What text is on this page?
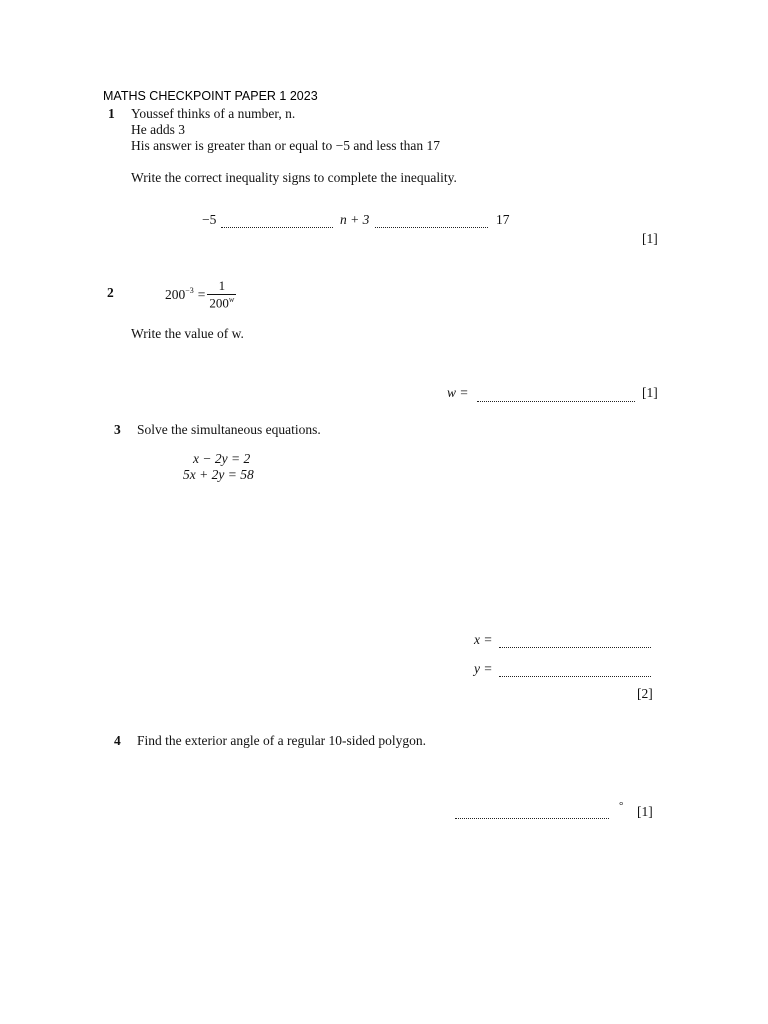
MATHS CHECKPOINT PAPER 1 2023
1 Youssef thinks of a number, n.
He adds 3
His answer is greater than or equal to −5 and less than 17
Write the correct inequality signs to complete the inequality.
−5	n + 3	17
[1]
2	$200^{-3} = \frac{1}{200^w}$
Write the value of w.
w =	[1]
3 Solve the simultaneous equations.
x − 2y = 2
5x + 2y = 58
x =
y =
[2]
4 Find the exterior angle of a regular 10-sided polygon.
° [1]
